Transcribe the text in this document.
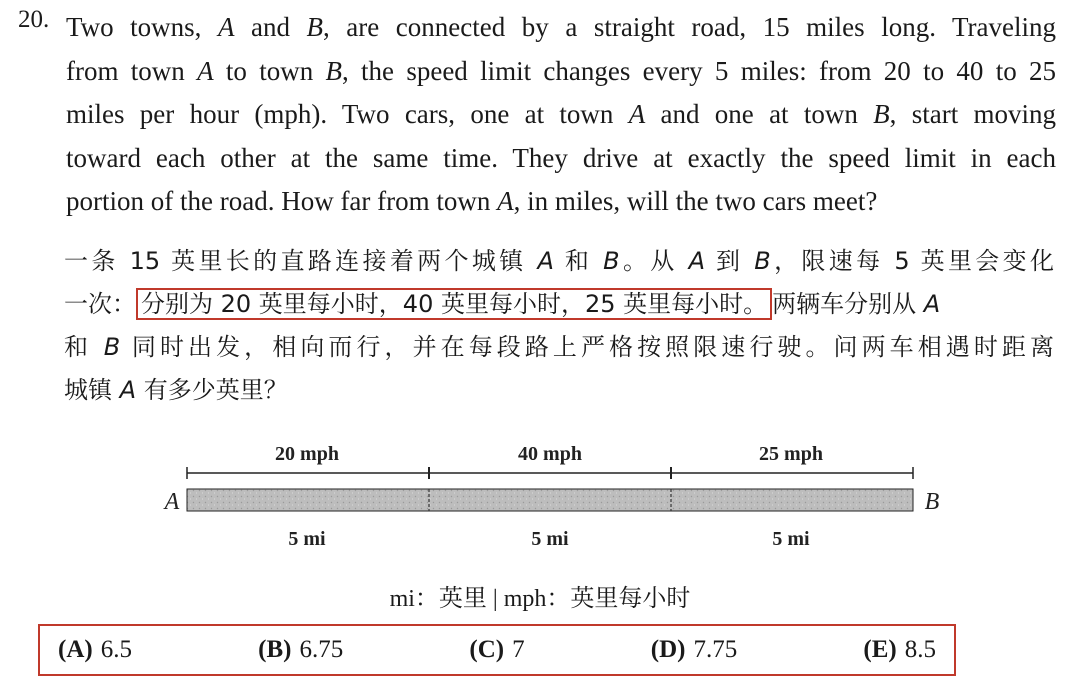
20. Two towns, A and B, are connected by a straight road, 15 miles long. Traveling
from town A to town B, the speed limit changes every 5 miles: from 20 to 40 to 25
miles per hour (mph). Two cars, one at town A and one at town B, start moving
toward each other at the same time. They drive at exactly the speed limit in each
portion of the road. How far from town A, in miles, will the two cars meet?
一条 15 英里长的直路连接着两个城镇 A 和 B。从 A 到 B，限速每 5 英里会变化
一次： 分别为 20 英里每小时，40 英里每小时，25 英里每小时。 两辆车分别从 A
和 B 同时出发，相向而行，并在每段路上严格按照限速行驶。问两车相遇时距离
城镇 A 有多少英里？
20 mph	40 mph	25 mph
A	B
5 mi	5 mi	5 mi
mi：英里 | mph：英里每小时
(A) 6.5	(B) 6.75	(C) 7	(D) 7.75	(E) 8.5
